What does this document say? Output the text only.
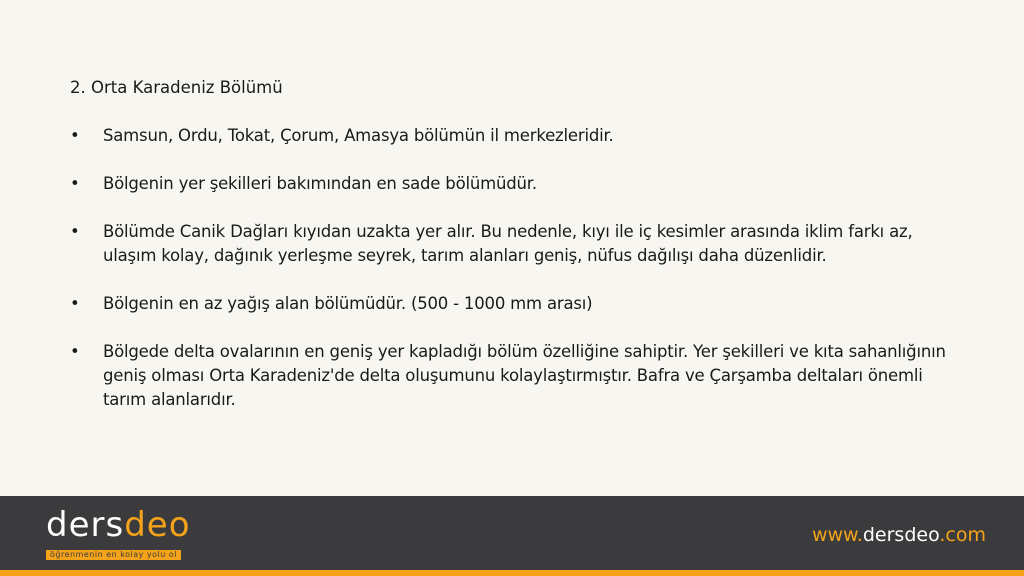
2. Orta Karadeniz Bölümü
• Samsun, Ordu, Tokat, Çorum, Amasya bölümün il merkezleridir.
• Bölgenin yer şekilleri bakımından en sade bölümüdür.
• Bölümde Canik Dağları kıyıdan uzakta yer alır. Bu nedenle, kıyı ile iç kesimler arasında iklim farkı az, ulaşım kolay, dağınık yerleşme seyrek, tarım alanları geniş, nüfus dağılışı daha düzenlidir.
• Bölgenin en az yağış alan bölümüdür. (500 - 1000 mm arası)
• Bölgede delta ovalarının en geniş yer kapladığı bölüm özelliğine sahiptir. Yer şekilleri ve kıta sahanlığının geniş olması Orta Karadeniz'de delta oluşumunu kolaylaştırmıştır. Bafra ve Çarşamba deltaları önemli tarım alanlarıdır.
dersdeo
öğrenmenin en kolay yolu ol
www.dersdeo.com
